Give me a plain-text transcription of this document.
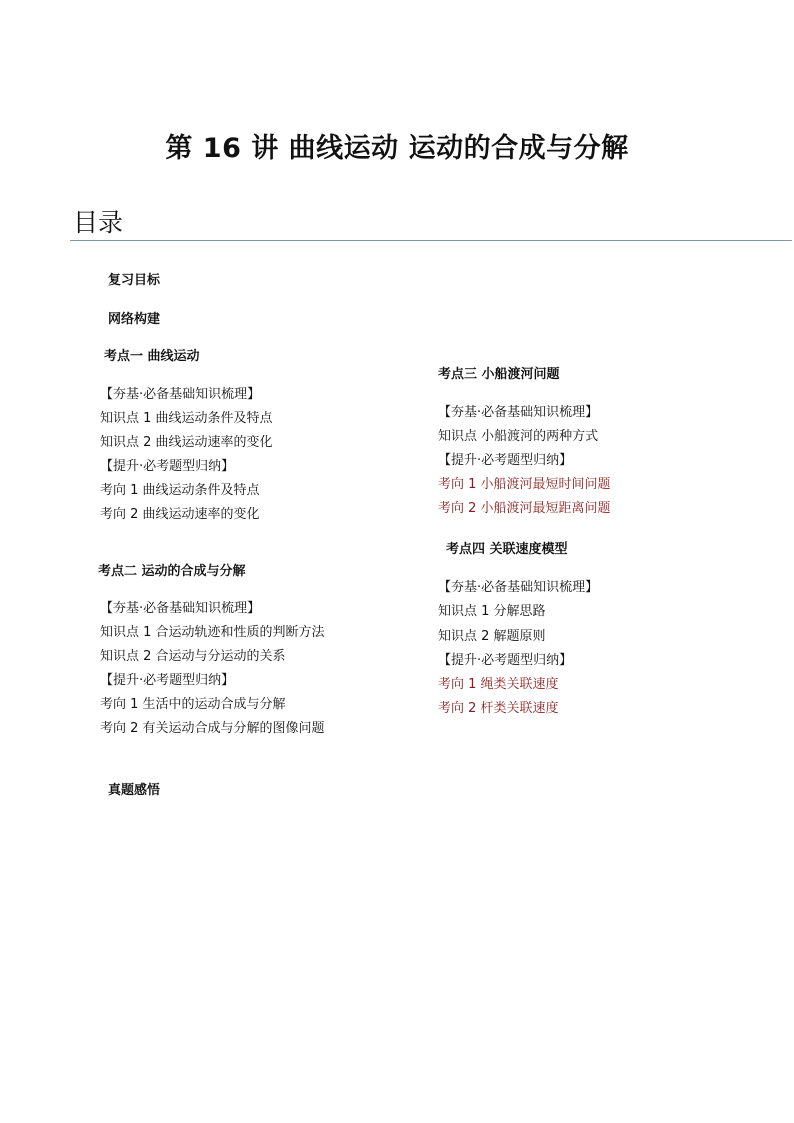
第 16 讲 曲线运动 运动的合成与分解
目录
复习目标
网络构建
考点一 曲线运动
【夯基·必备基础知识梳理】
知识点 1 曲线运动条件及特点
知识点 2 曲线运动速率的变化
【提升·必考题型归纳】
考向 1 曲线运动条件及特点
考向 2 曲线运动速率的变化
考点二 运动的合成与分解
【夯基·必备基础知识梳理】
知识点 1 合运动轨迹和性质的判断方法
知识点 2 合运动与分运动的关系
【提升·必考题型归纳】
考向 1 生活中的运动合成与分解
考向 2 有关运动合成与分解的图像问题
真题感悟
考点三 小船渡河问题
【夯基·必备基础知识梳理】
知识点 小船渡河的两种方式
【提升·必考题型归纳】
考向 1 小船渡河最短时间问题
考向 2 小船渡河最短距离问题
考点四 关联速度模型
【夯基·必备基础知识梳理】
知识点 1 分解思路
知识点 2 解题原则
【提升·必考题型归纳】
考向 1 绳类关联速度
考向 2 杆类关联速度
